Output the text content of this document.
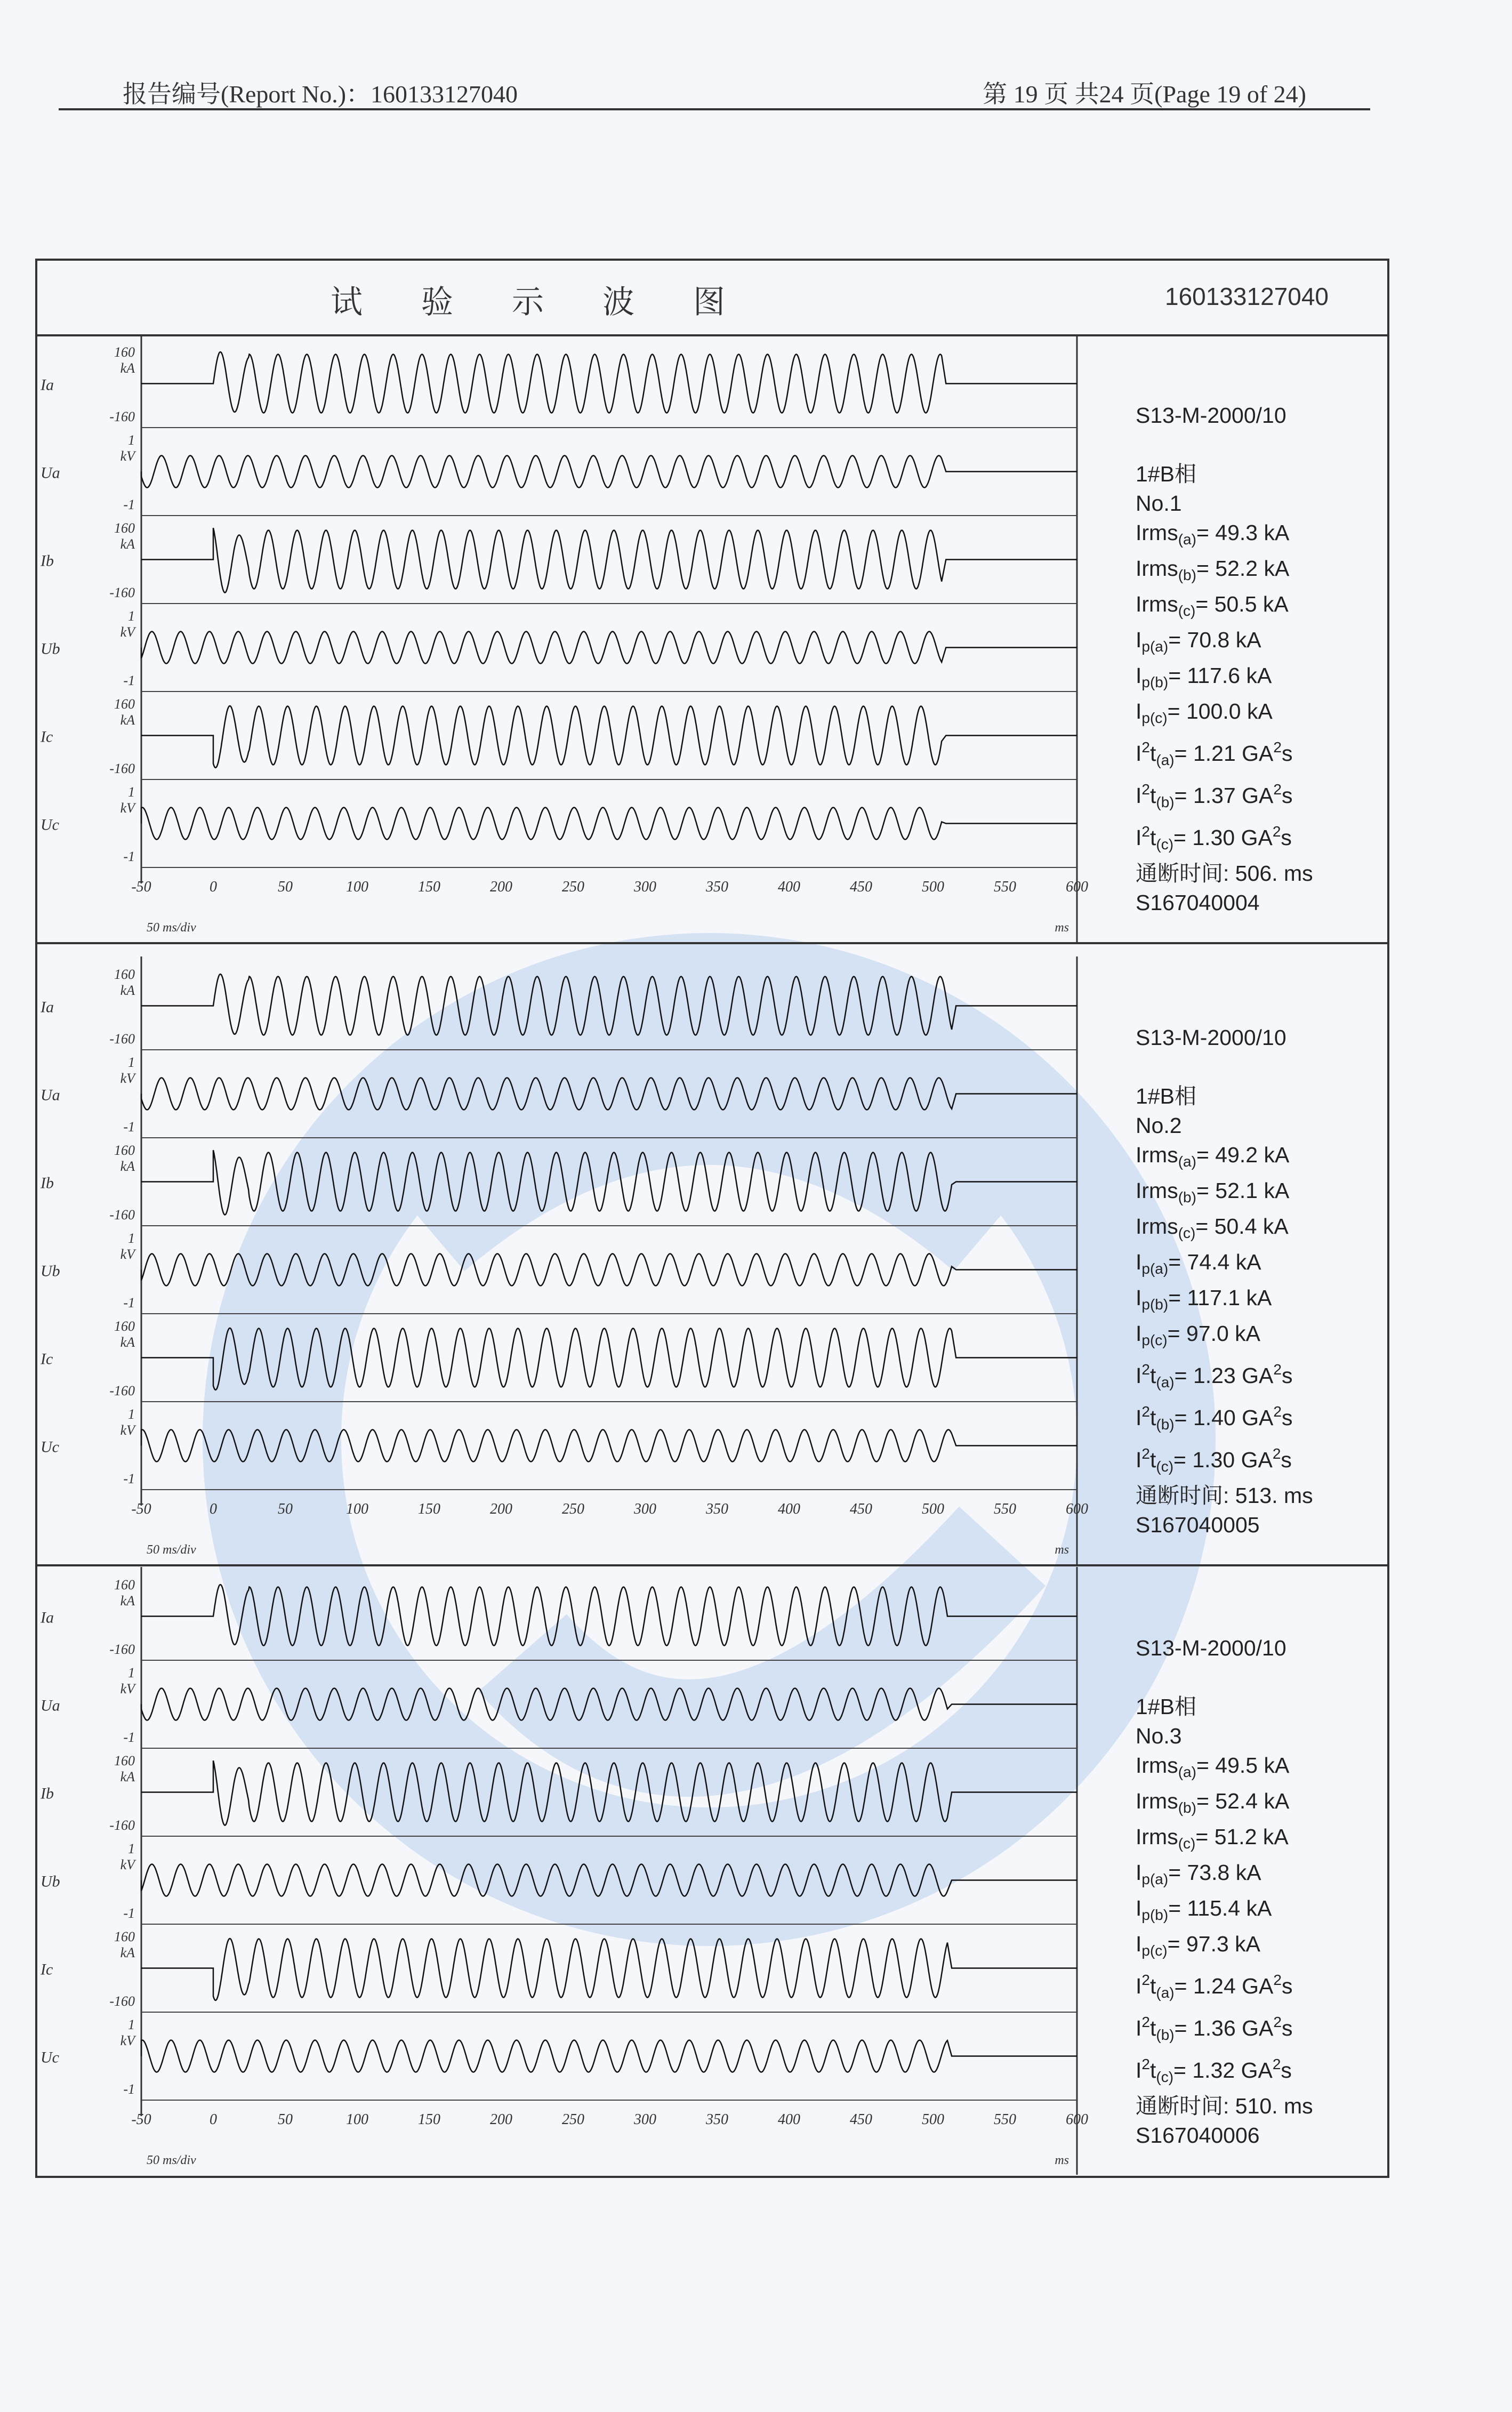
报告编号(Report No.)：160133127040	第 19 页 共24 页(Page 19 of 24)
试验示波图	160133127040
Ia
160
kA
-160
Ua
1
kV
-1
Ib
160
kA
-160
Ub
1
kV
-1
Ic
160
kA
-160
Uc
1
kV
-1
-50	0	50	100	150	200	250	300	350	400	450	500	550	600
50 ms/div	ms
S13-M-2000/10
1#B相
No.1
Irms$_{(a)}$= 49.3 kA
Irms$_{(b)}$= 52.2 kA
Irms$_{(c)}$= 50.5 kA
$I_{p(a)}= 70.8$ kA
$I_{p(b)}= 117.6$ kA
$I_{p(c)}= 100.0$ kA
$I^2t_{(a)}= 1.21$ $GA^2s$
$I^2t_{(b)}= 1.37$ $GA^2s$
$I^2t_{(c)}= 1.30$ $GA^2s$
通断时间: 506. ms
S167040004
Ia
160
kA
-160
Ua
1
kV
-1
Ib
160
kA
-160
Ub
1
kV
-1
Ic
160
kA
-160
Uc
1
kV
-1
-50	0	50	100	150	200	250	300	350	400	450	500	550	600
50 ms/div	ms
S13-M-2000/10
1#B相
No.2
Irms$_{(a)}$= 49.2 kA
Irms$_{(b)}$= 52.1 kA
Irms$_{(c)}$= 50.4 kA
$I_{p(a)}= 74.4$ kA
$I_{p(b)}= 117.1$ kA
$I_{p(c)}= 97.0$ kA
$I^2t_{(a)}= 1.23$ $GA^2s$
$I^2t_{(b)}= 1.40$ $GA^2s$
$I^2t_{(c)}= 1.30$ $GA^2s$
通断时间: 513. ms
S167040005
Ia
160
kA
-160
Ua
1
kV
-1
Ib
160
kA
-160
Ub
1
kV
-1
Ic
160
kA
-160
Uc
1
kV
-1
-50	0	50	100	150	200	250	300	350	400	450	500	550	600
50 ms/div	ms
S13-M-2000/10
1#B相
No.3
Irms$_{(a)}$= 49.5 kA
Irms$_{(b)}$= 52.4 kA
Irms$_{(c)}$= 51.2 kA
$I_{p(a)}= 73.8$ kA
$I_{p(b)}= 115.4$ kA
$I_{p(c)}= 97.3$ kA
$I^2t_{(a)}= 1.24$ $GA^2s$
$I^2t_{(b)}= 1.36$ $GA^2s$
$I^2t_{(c)}= 1.32$ $GA^2s$
通断时间: 510. ms
S167040006
